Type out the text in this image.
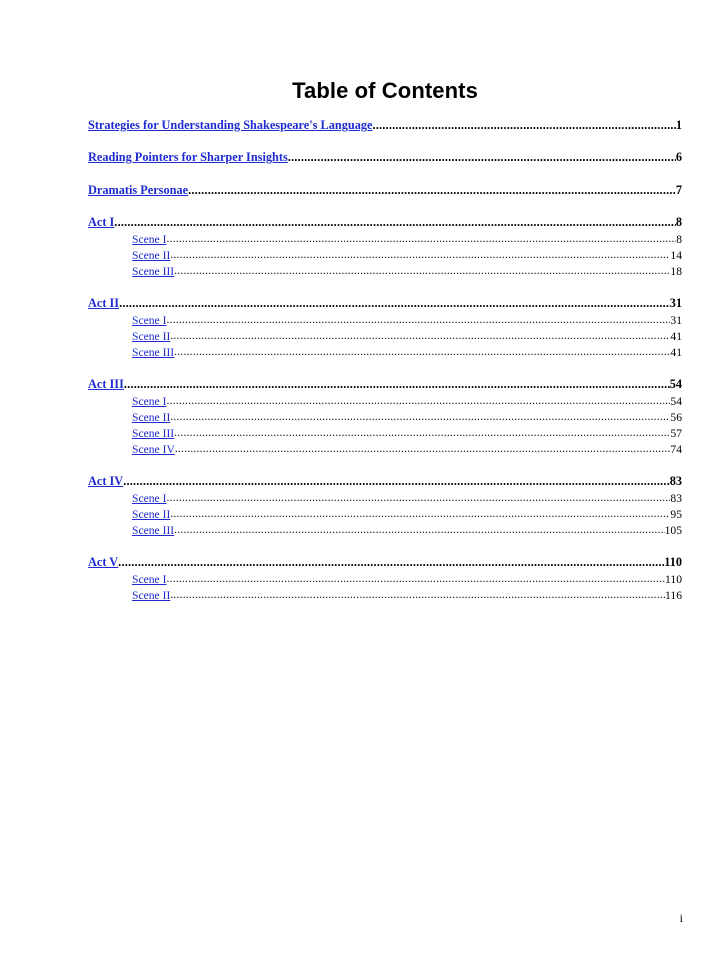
Table of Contents
Strategies for Understanding Shakespeare's Language .....	1
Reading Pointers for Sharper Insights .....	6
Dramatis Personae .....	7
Act I .....	8
Scene I .....	8
Scene II .....	14
Scene III .....	18
Act II .....	31
Scene I .....	31
Scene II .....	41
Scene III .....	41
Act III .....	54
Scene I .....	54
Scene II .....	56
Scene III .....	57
Scene IV .....	74
Act IV .....	83
Scene I .....	83
Scene II .....	95
Scene III .....	105
Act V .....	110
Scene I .....	110
Scene II .....	116
i
